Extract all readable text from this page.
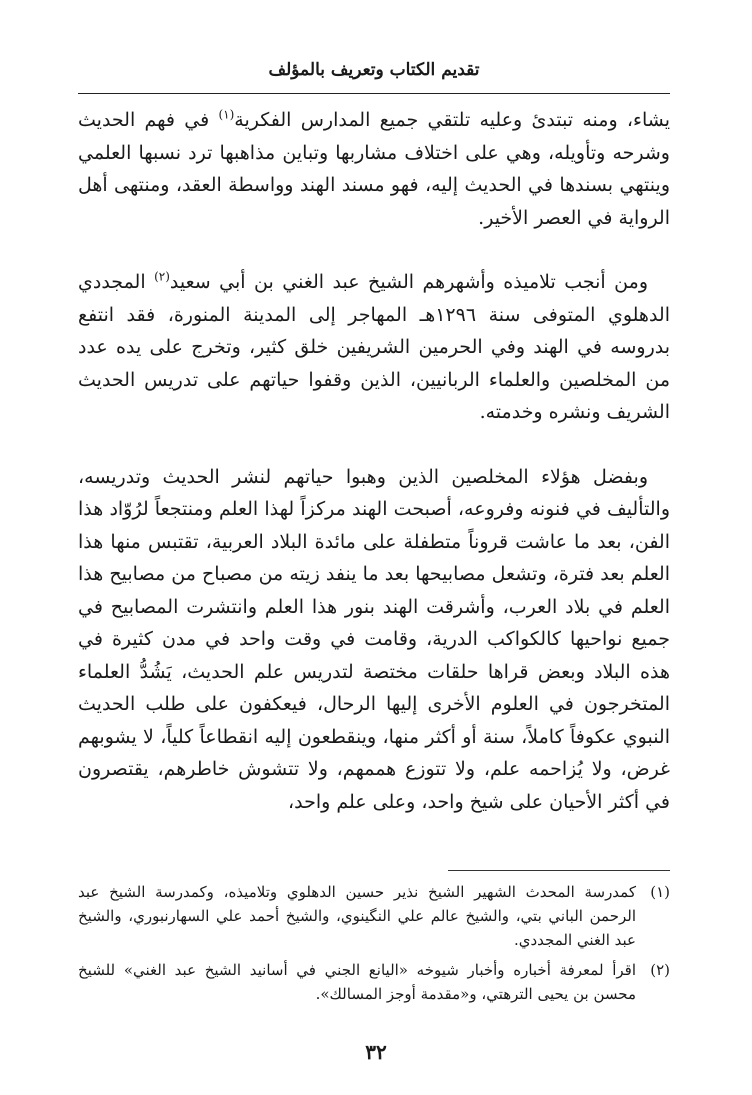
تقديم الكتاب وتعريف بالمؤلف

يشاء، ومنه تبتدئ وعليه تلتقي جميع المدارس الفكرية$^{(١)}$ في فهم الحديث وشرحه وتأويله، وهي على اختلاف مشاربها وتباين مذاهبها ترد نسبها العلمي وينتهي بسندها في الحديث إليه، فهو مسند الهند وواسطة العقد، ومنتهى أهل الرواية في العصر الأخير.

ومن أنجب تلاميذه وأشهرهم الشيخ عبد الغني بن أبي سعيد$^{(٢)}$ المجددي الدهلوي المتوفى سنة ١٢٩٦هـ المهاجر إلى المدينة المنورة، فقد انتفع بدروسه في الهند وفي الحرمين الشريفين خلق كثير، وتخرج على يده عدد من المخلصين والعلماء الربانيين، الذين وقفوا حياتهم على تدريس الحديث الشريف ونشره وخدمته.

وبفضل هؤلاء المخلصين الذين وهبوا حياتهم لنشر الحديث وتدريسه، والتأليف في فنونه وفروعه، أصبحت الهند مركزاً لهذا العلم ومنتجعاً لرُوّاد هذا الفن، بعد ما عاشت قروناً متطفلة على مائدة البلاد العربية، تقتبس منها هذا العلم بعد فترة، وتشعل مصابيحها بعد ما ينفد زيته من مصباح من مصابيح هذا العلم في بلاد العرب، وأشرقت الهند بنور هذا العلم وانتشرت المصابيح في جميع نواحيها كالكواكب الدرية، وقامت في وقت واحد في مدن كثيرة في هذه البلاد وبعض قراها حلقات مختصة لتدريس علم الحديث، يَشُدُّ العلماء المتخرجون في العلوم الأخرى إليها الرحال، فيعكفون على طلب الحديث النبوي عكوفاً كاملاً، سنة أو أكثر منها، وينقطعون إليه انقطاعاً كلياً، لا يشوبهم غرض، ولا يُزاحمه علم، ولا تتوزع هممهم، ولا تتشوش خاطرهم، يقتصرون في أكثر الأحيان على شيخ واحد، وعلى علم واحد،

(١)
كمدرسة المحدث الشهير الشيخ نذير حسين الدهلوي وتلاميذه، وكمدرسة الشيخ عبد الرحمن الباني بتي، والشيخ عالم علي النگينوي، والشيخ أحمد علي السهارنبوري، والشيخ عبد الغني المجددي.
(٢)
اقرأ لمعرفة أخباره وأخبار شيوخه «اليانع الجني في أسانيد الشيخ عبد الغني» للشيخ محسن بن يحيى الترهتي، و«مقدمة أوجز المسالك».
٣٢
